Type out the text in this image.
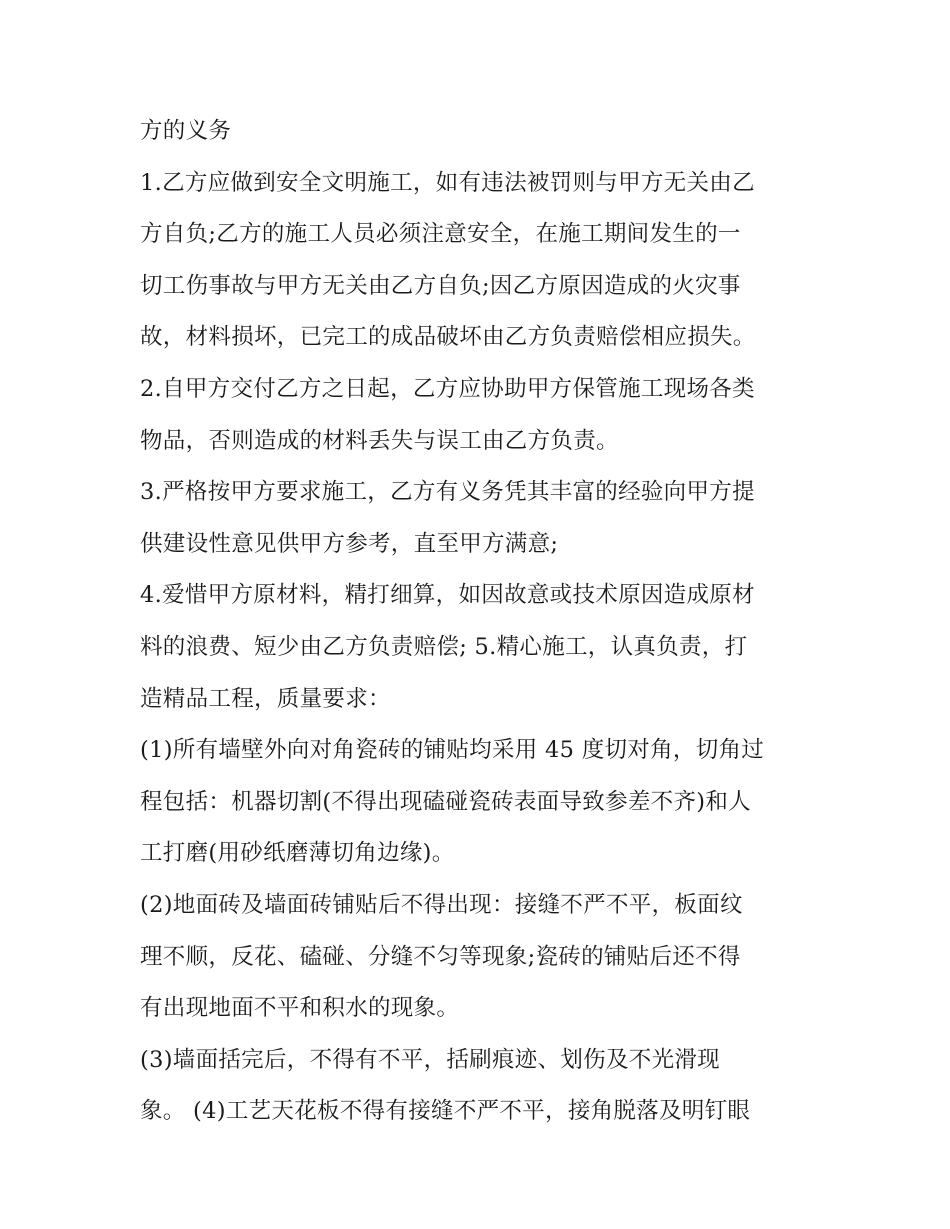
方的义务
1.乙方应做到安全文明施工，如有违法被罚则与甲方无关由乙
方自负;乙方的施工人员必须注意安全，在施工期间发生的一
切工伤事故与甲方无关由乙方自负;因乙方原因造成的火灾事
故，材料损坏，已完工的成品破坏由乙方负责赔偿相应损失。
2.自甲方交付乙方之日起，乙方应协助甲方保管施工现场各类
物品，否则造成的材料丢失与误工由乙方负责。
3.严格按甲方要求施工，乙方有义务凭其丰富的经验向甲方提
供建设性意见供甲方参考，直至甲方满意;
4.爱惜甲方原材料，精打细算，如因故意或技术原因造成原材
料的浪费、短少由乙方负责赔偿; 5.精心施工，认真负责，打
造精品工程，质量要求：
(1)所有墙壁外向对角瓷砖的铺贴均采用 45 度切对角，切角过
程包括：机器切割(不得出现磕碰瓷砖表面导致参差不齐)和人
工打磨(用砂纸磨薄切角边缘)。
(2)地面砖及墙面砖铺贴后不得出现：接缝不严不平，板面纹
理不顺，反花、磕碰、分缝不匀等现象;瓷砖的铺贴后还不得
有出现地面不平和积水的现象。
(3)墙面括完后，不得有不平，括刷痕迹、划伤及不光滑现
象。 (4)工艺天花板不得有接缝不严不平，接角脱落及明钉眼
